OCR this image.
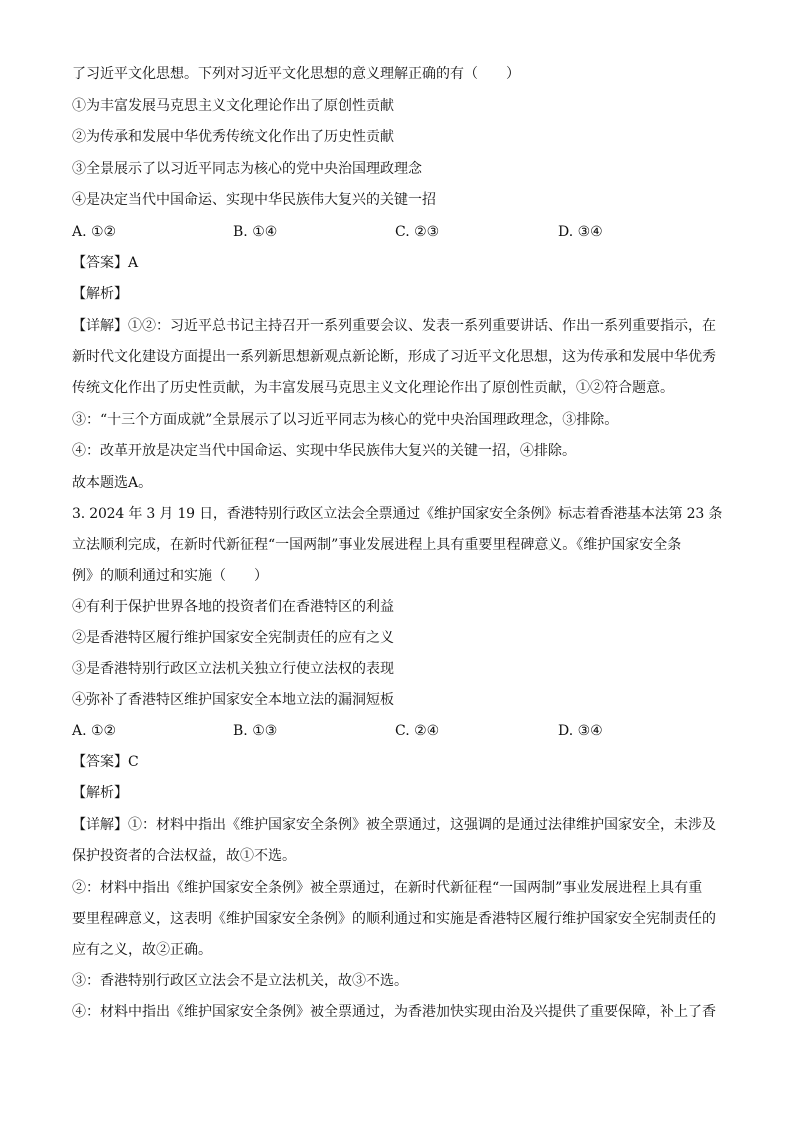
了习近平文化思想。下列对习近平文化思想的意义理解正确的有（　　）
①为丰富发展马克思主义文化理论作出了原创性贡献
②为传承和发展中华优秀传统文化作出了历史性贡献
③全景展示了以习近平同志为核心的党中央治国理政理念
④是决定当代中国命运、实现中华民族伟大复兴的关键一招
A. ①②	B. ①④	C. ②③	D. ③④
【答案】A
【解析】
【详解】①②：习近平总书记主持召开一系列重要会议、发表一系列重要讲话、作出一系列重要指示，在
新时代文化建设方面提出一系列新思想新观点新论断，形成了习近平文化思想，这为传承和发展中华优秀
传统文化作出了历史性贡献，为丰富发展马克思主义文化理论作出了原创性贡献，①②符合题意。
③：“十三个方面成就”全景展示了以习近平同志为核心的党中央治国理政理念，③排除。
④：改革开放是决定当代中国命运、实现中华民族伟大复兴的关键一招，④排除。
故本题选A。
3. 2024 年 3 月 19 日，香港特别行政区立法会全票通过《维护国家安全条例》标志着香港基本法第 23 条
立法顺利完成，在新时代新征程“一国两制”事业发展进程上具有重要里程碑意义。《维护国家安全条
例》的顺利通过和实施（　　）
④有利于保护世界各地的投资者们在香港特区的利益
②是香港特区履行维护国家安全宪制责任的应有之义
③是香港特别行政区立法机关独立行使立法权的表现
④弥补了香港特区维护国家安全本地立法的漏洞短板
A. ①②	B. ①③	C. ②④	D. ③④
【答案】C
【解析】
【详解】①：材料中指出《维护国家安全条例》被全票通过，这强调的是通过法律维护国家安全，未涉及
保护投资者的合法权益，故①不选。
②：材料中指出《维护国家安全条例》被全票通过，在新时代新征程“一国两制”事业发展进程上具有重
要里程碑意义，这表明《维护国家安全条例》的顺利通过和实施是香港特区履行维护国家安全宪制责任的
应有之义，故②正确。
③：香港特别行政区立法会不是立法机关，故③不选。
④：材料中指出《维护国家安全条例》被全票通过，为香港加快实现由治及兴提供了重要保障，补上了香
